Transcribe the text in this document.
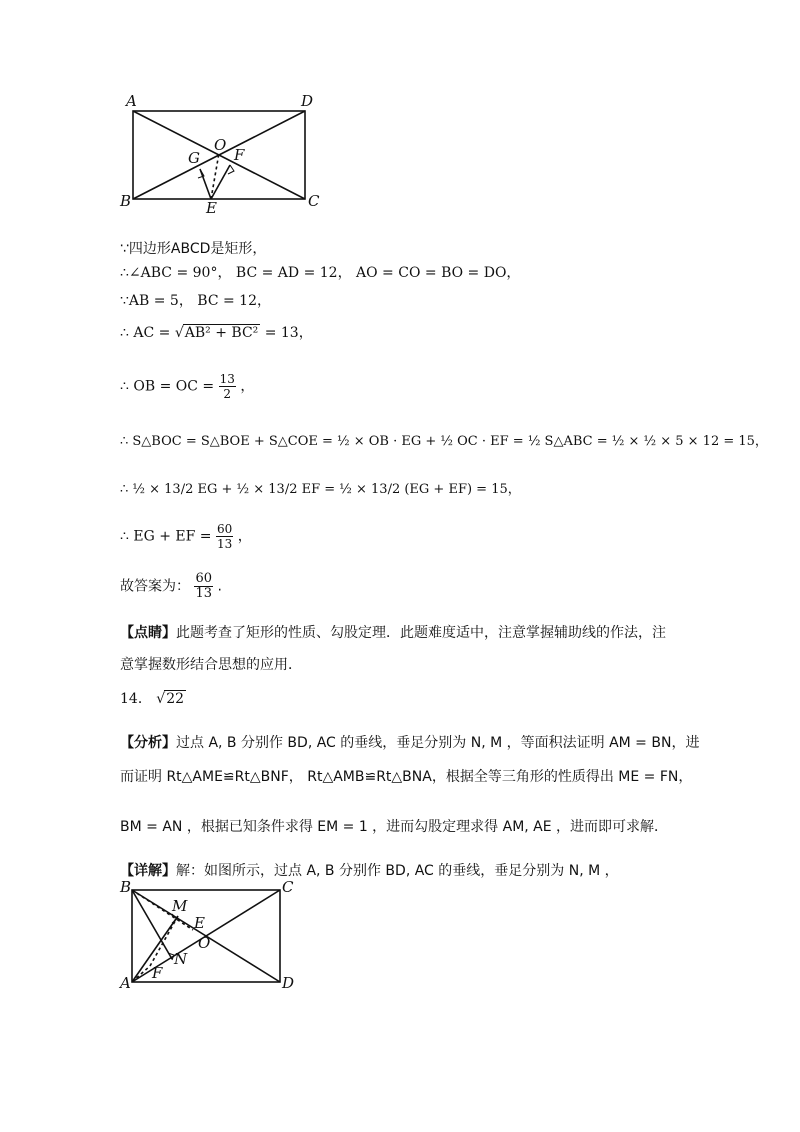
A	D
B	C
O
G F
E
∵四边形ABCD是矩形，
∴∠ABC = 90°， BC = AD = 12， AO = CO = BO = DO，
∵AB = 5， BC = 12，
∴ AC = √AB² + BC² = 13，
∴ OB = OC = $\frac{13}{2}$ ，
∴ S△BOC = S△BOE + S△COE = ½ × OB · EG + ½ OC · EF = ½ S△ABC = ½ × ½ × 5 × 12 = 15，
∴ ½ × 13/2 EG + ½ × 13/2 EF = ½ × 13/2 (EG + EF) = 15，
∴ EG + EF = $\frac{60}{13}$ ，
故答案为： $\frac{60}{13}$ .
【点睛】此题考查了矩形的性质、勾股定理．此题难度适中，注意掌握辅助线的作法，注
意掌握数形结合思想的应用．
14． √22
【分析】过点 A, B 分别作 BD, AC 的垂线，垂足分别为 N, M ，等面积法证明 AM = BN，进
而证明 Rt△AME≌Rt△BNF， Rt△AMB≌Rt△BNA，根据全等三角形的性质得出 ME = FN，
BM = AN ，根据已知条件求得 EM = 1 ，进而勾股定理求得 AM, AE ，进而即可求解．
【详解】解：如图所示，过点 A, B 分别作 BD, AC 的垂线，垂足分别为 N, M ，
B	C
A	D
M
E
O
N
F
